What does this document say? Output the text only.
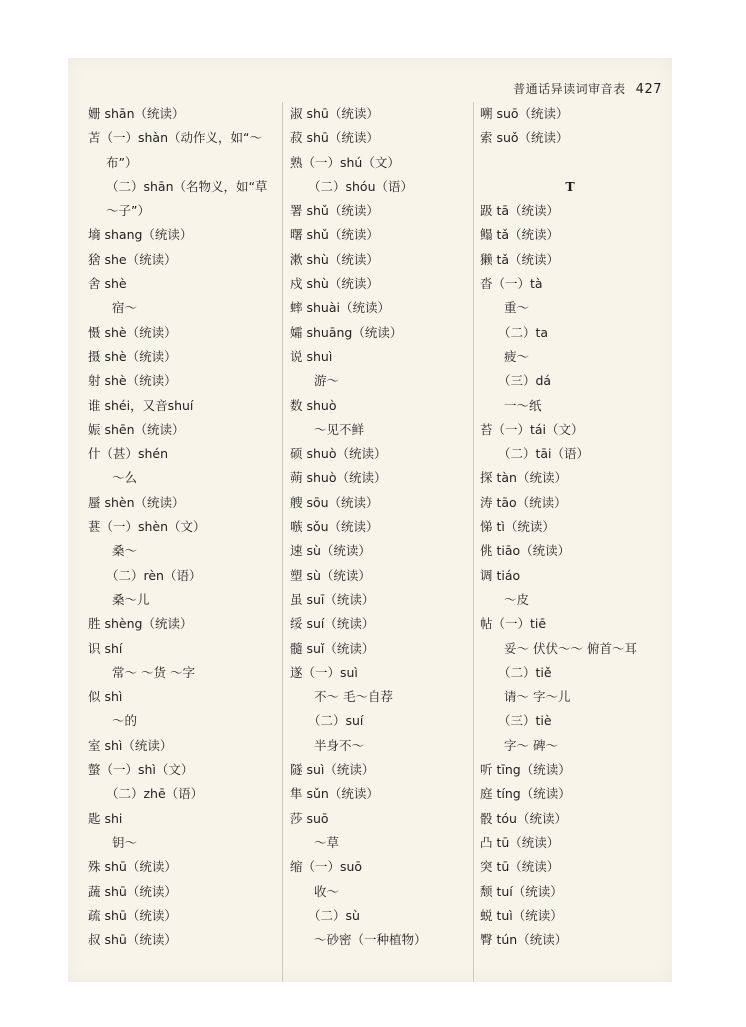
普通话异读词审音表 427
姗 shān（统读）
苫（一）shàn（动作义，如“～
布”）
（二）shān（名物义，如“草
～子”）
墒 shang（统读）
猞 she（统读）
舍 shè
宿～
慑 shè（统读）
摄 shè（统读）
射 shè（统读）
谁 shéi，又音shuí
娠 shēn（统读）
什（甚）shén
～么
蜃 shèn（统读）
葚（一）shèn（文）
桑～
（二）rèn（语）
桑～儿
胜 shèng（统读）
识 shí
常～ ～货 ～字
似 shì
～的
室 shì（统读）
螫（一）shì（文）
（二）zhē（语）
匙 shi
钥～
殊 shū（统读）
蔬 shū（统读）
疏 shū（统读）
叔 shū（统读）
淑 shū（统读）
菽 shū（统读）
熟（一）shú（文）
（二）shóu（语）
署 shǔ（统读）
曙 shǔ（统读）
漱 shù（统读）
戍 shù（统读）
蟀 shuài（统读）
孀 shuāng（统读）
说 shuì
游～
数 shuò
～见不鲜
硕 shuò（统读）
蒴 shuò（统读）
艘 sōu（统读）
嗾 sǒu（统读）
速 sù（统读）
塑 sù（统读）
虽 suī（统读）
绥 suí（统读）
髓 suǐ（统读）
遂（一）suì
不～ 毛～自荐
（二）suí
半身不～
隧 suì（统读）
隼 sǔn（统读）
莎 suō
～草
缩（一）suō
收～
（二）sù
～砂密（一种植物）
嗍 suō（统读）
索 suǒ（统读）
T
趿 tā（统读）
鳎 tǎ（统读）
獭 tǎ（统读）
沓（一）tà
重～
（二）ta
疲～
（三）dá
一～纸
苔（一）tái（文）
（二）tāi（语）
探 tàn（统读）
涛 tāo（统读）
悌 tì（统读）
佻 tiāo（统读）
调 tiáo
～皮
帖（一）tiē
妥～ 伏伏～～ 俯首～耳
（二）tiě
请～ 字～儿
（三）tiè
字～ 碑～
听 tīng（统读）
庭 tíng（统读）
骰 tóu（统读）
凸 tū（统读）
突 tū（统读）
颓 tuí（统读）
蜕 tuì（统读）
臀 tún（统读）
